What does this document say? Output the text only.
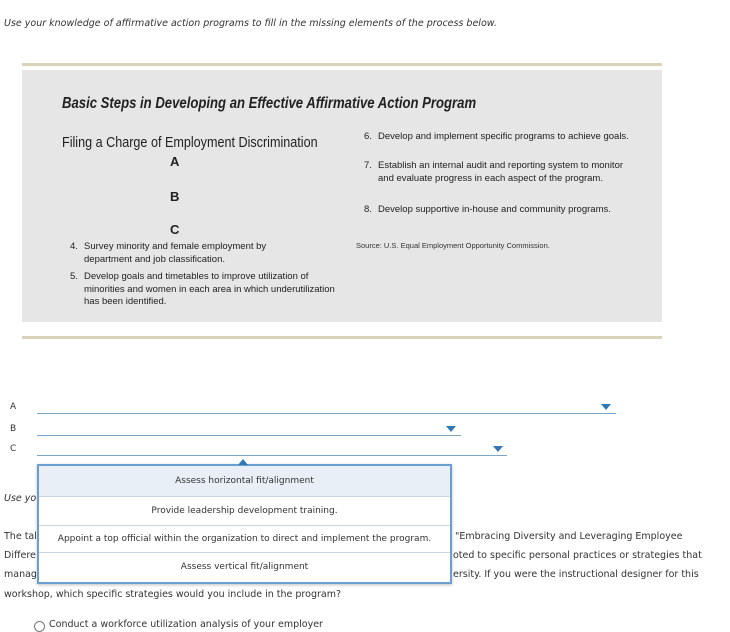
Use your knowledge of affirmative action programs to fill in the missing elements of the process below.
Basic Steps in Developing an Effective Affirmative Action Program
Filing a Charge of Employment Discrimination
A
B
C
4. Survey minority and female employment by department and job classification.
5. Develop goals and timetables to improve utilization of minorities and women in each area in which underutilization has been identified.
6. Develop and implement specific programs to achieve goals.
7. Establish an internal audit and reporting system to monitor and evaluate progress in each aspect of the program.
8. Develop supportive in-house and community programs.
Source: U.S. Equal Employment Opportunity Commission.
A
B
C
Use yo
The tal	"Embracing Diversity and Leveraging Employee
Differe	oted to specific personal practices or strategies that
manag	ersity. If you were the instructional designer for this
workshop, which specific strategies would you include in the program?
Conduct a workforce utilization analysis of your employer
Assess horizontal fit/alignment
Provide leadership development training.
Appoint a top official within the organization to direct and implement the program.
Assess vertical fit/alignment
